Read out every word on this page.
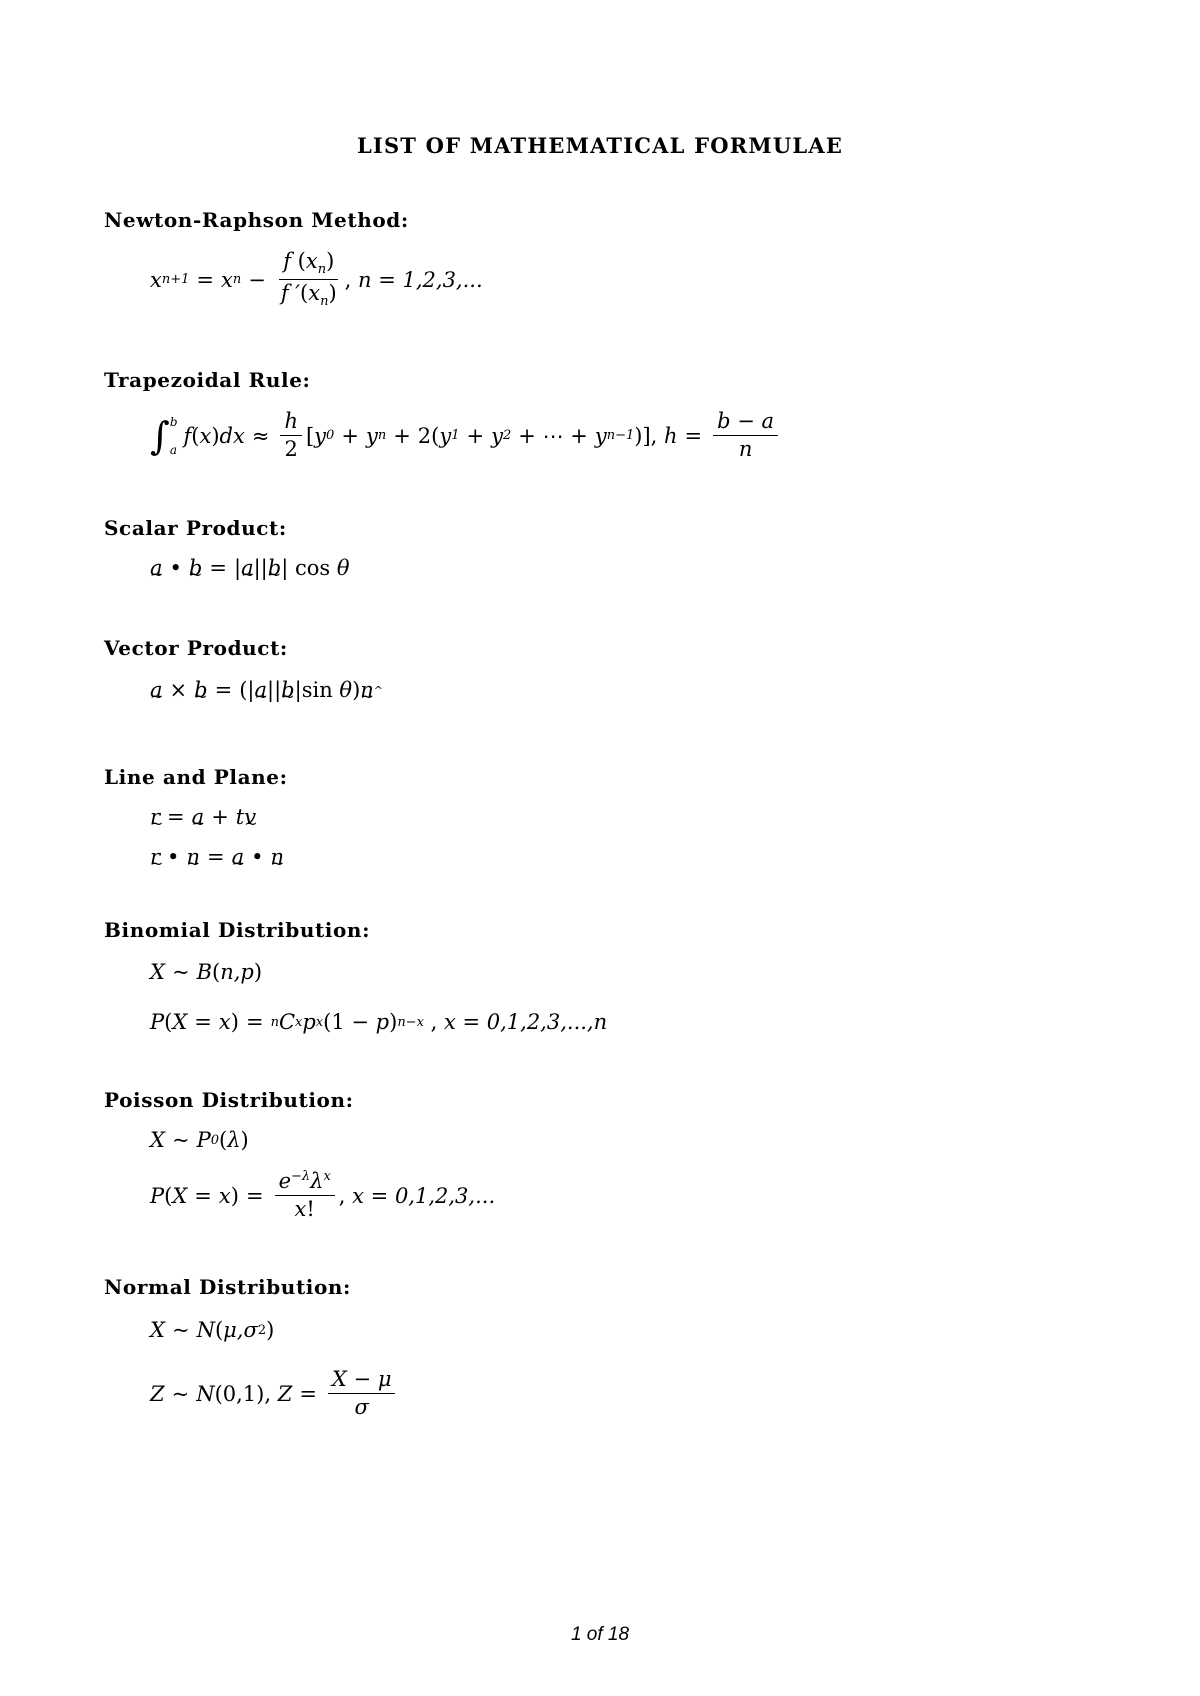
LIST OF MATHEMATICAL FORMULAE
Newton-Raphson Method:
x n+1 = x $n - \frac{f (x_n)}{f '(x_n)}$ , n = 1,2,3,...
Trapezoidal Rule:
∫ b
a
f ( x ) dx ≈ $\frac{h}{2}$ [ y 0 + y n + 2 ( y 1 + y 2 + ⋯ + y n−1 )] , $h = \frac{b - a}{n}$
Scalar Product:
a ~ • b ~ = | a ~ || b ~ | cos θ
Vector Product:
a ~ × b ~ = (| a ~ || b ~ |sin θ ) n ~ ^
Line and Plane:
r ~ = a ~ + t v ~
r ~ • n ~ = a ~ • n ~
Binomial Distribution:
X ~ B ( n,p )
P ( X = x ) = n C x p x (1 − p ) n−x , x = 0,1,2,3,...,n
Poisson Distribution:
X ~ P 0 ( λ )
P ( X = x ) = $\frac{e^{-\lambda}\lambda^x}{x!}$ , x = 0,1,2,3,...
Normal Distribution:
X ~ N ( μ,σ 2 )
Z ~ N (0,1), $Z = \frac{X - \mu}{\sigma}$
1 of 18
